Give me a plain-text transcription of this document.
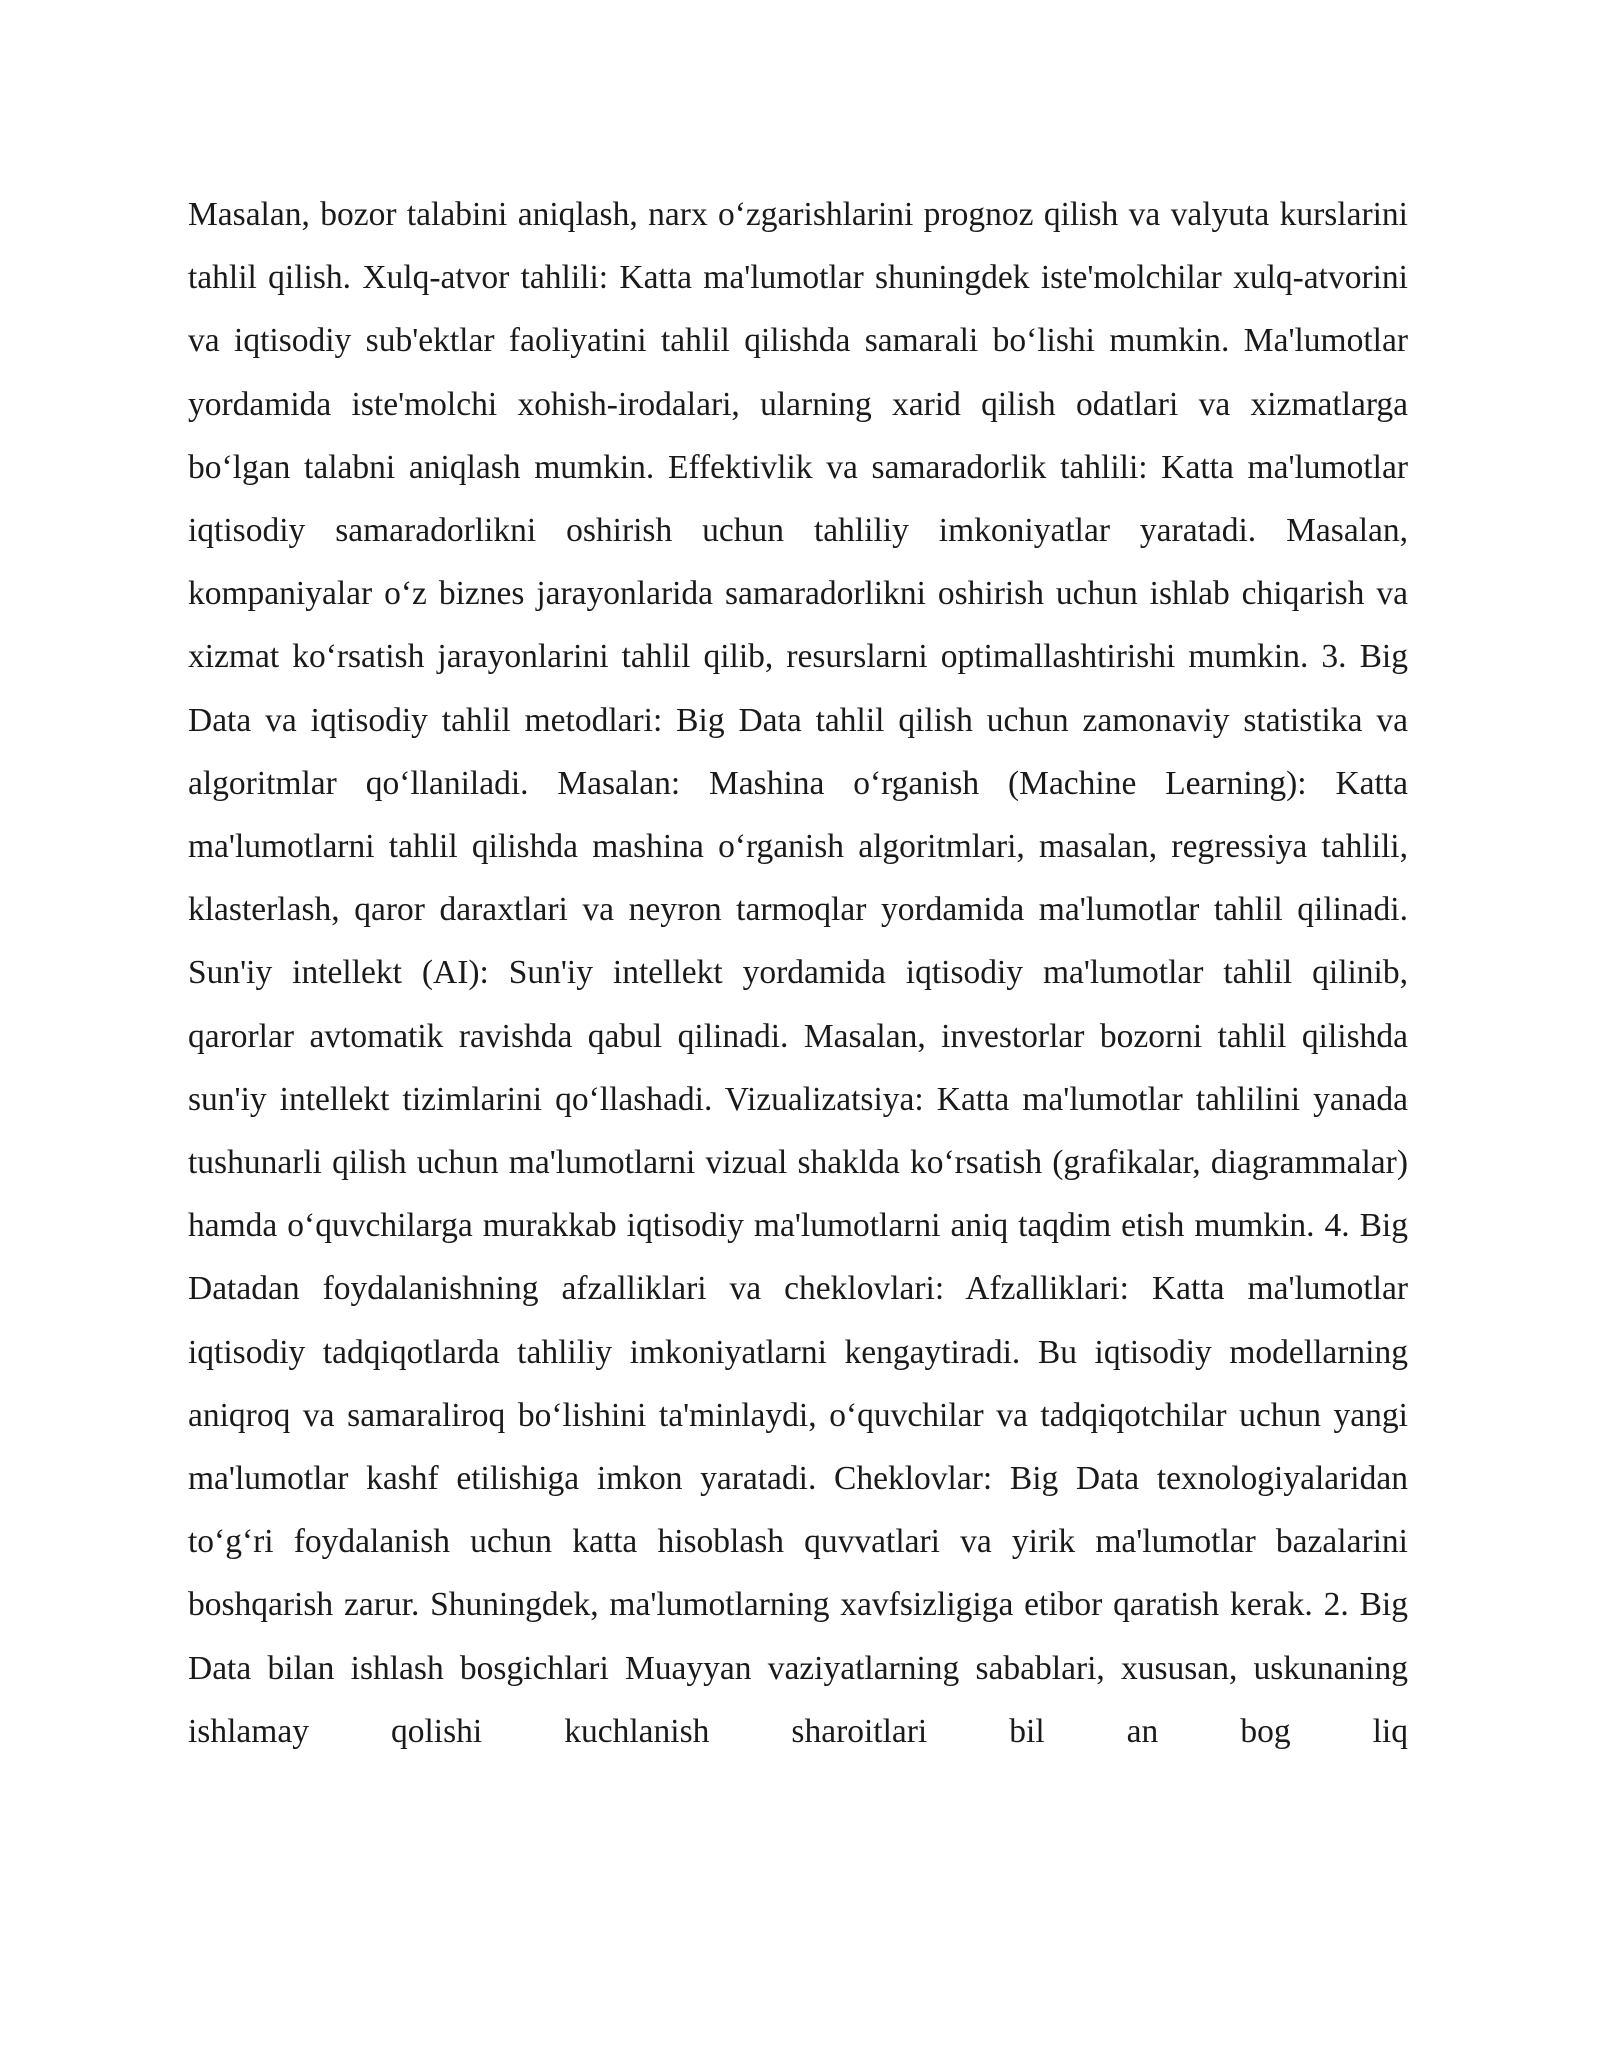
Masalan, bozor talabini aniqlash, narx o‘zgarishlarini prognoz qilish va valyuta kurslarini tahlil qilish. Xulq-atvor tahlili: Katta ma'lumotlar shuningdek iste'molchilar xulq-atvorini va iqtisodiy sub'ektlar faoliyatini tahlil qilishda samarali bo‘lishi mumkin. Ma'lumotlar yordamida iste'molchi xohish-irodalari, ularning xarid qilish odatlari va xizmatlarga bo‘lgan talabni aniqlash mumkin. Effektivlik va samaradorlik tahlili: Katta ma'lumotlar iqtisodiy samaradorlikni oshirish uchun tahliliy imkoniyatlar yaratadi. Masalan, kompaniyalar o‘z biznes jarayonlarida samaradorlikni oshirish uchun ishlab chiqarish va xizmat ko‘rsatish jarayonlarini tahlil qilib, resurslarni optimallashtirishi mumkin. 3. Big Data va iqtisodiy tahlil metodlari: Big Data tahlil qilish uchun zamonaviy statistika va algoritmlar qo‘llaniladi. Masalan: Mashina o‘rganish (Machine Learning): Katta ma'lumotlarni tahlil qilishda mashina o‘rganish algoritmlari, masalan, regressiya tahlili, klasterlash, qaror daraxtlari va neyron tarmoqlar yordamida ma'lumotlar tahlil qilinadi. Sun'iy intellekt (AI): Sun'iy intellekt yordamida iqtisodiy ma'lumotlar tahlil qilinib, qarorlar avtomatik ravishda qabul qilinadi. Masalan, investorlar bozorni tahlil qilishda sun'iy intellekt tizimlarini qo‘llashadi. Vizualizatsiya: Katta ma'lumotlar tahlilini yanada tushunarli qilish uchun ma'lumotlarni vizual shaklda ko‘rsatish (grafikalar, diagrammalar) hamda o‘quvchilarga murakkab iqtisodiy ma'lumotlarni aniq taqdim etish mumkin. 4. Big Datadan foydalanishning afzalliklari va cheklovlari: Afzalliklari: Katta ma'lumotlar iqtisodiy tadqiqotlarda tahliliy imkoniyatlarni kengaytiradi. Bu iqtisodiy modellarning aniqroq va samaraliroq bo‘lishini ta'minlaydi, o‘quvchilar va tadqiqotchilar uchun yangi ma'lumotlar kashf etilishiga imkon yaratadi. Cheklovlar: Big Data texnologiyalaridan to‘g‘ri foydalanish uchun katta hisoblash quvvatlari va yirik ma'lumotlar bazalarini boshqarish zarur. Shuningdek, ma'lumotlarning xavfsizligiga etibor qaratish kerak. 2. Big Data bilan ishlash bosgichlari Muayyan vaziyatlarning sabablari, xususan, uskunaning ishlamay qolishi kuchlanish sharoitlari bil an bog liq
